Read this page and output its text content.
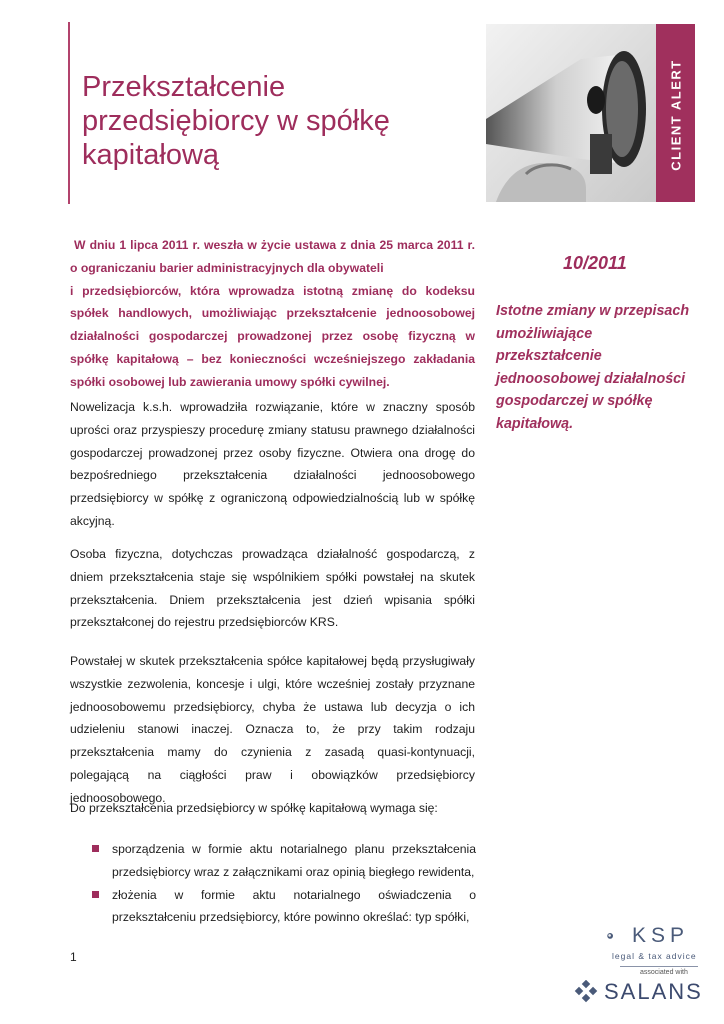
Przekształcenie przedsiębiorcy w spółkę kapitałową	CLIENT ALERT

W dniu 1 lipca 2011 r. weszła w życie ustawa z dnia 25 marca 2011 r. o ograniczaniu barier administracyjnych dla obywateli

i przedsiębiorców, która wprowadza istotną zmianę do kodeksu spółek handlowych, umożliwiając przekształcenie jednoosobowej działalności gospodarczej prowadzonej przez osobę fizyczną w spółkę kapitałową – bez konieczności wcześniejszego zakładania spółki osobowej lub zawierania umowy spółki cywilnej.

10/2011

Istotne zmiany w przepisach umożliwiające przekształcenie jednoosobowej działalności gospodarczej w spółkę kapitałową.

Nowelizacja k.s.h. wprowadziła rozwiązanie, które w znaczny sposób uprości oraz przyspieszy procedurę zmiany statusu prawnego działalności gospodarczej prowadzonej przez osoby fizyczne. Otwiera ona drogę do bezpośredniego przekształcenia działalności jednoosobowego przedsiębiorcy w spółkę z ograniczoną odpowiedzialnością lub w spółkę akcyjną.

Osoba fizyczna, dotychczas prowadząca działalność gospodarczą, z dniem przekształcenia staje się wspólnikiem spółki powstałej na skutek przekształcenia. Dniem przekształcenia jest dzień wpisania spółki przekształconej do rejestru przedsiębiorców KRS.

Powstałej w skutek przekształcenia spółce kapitałowej będą przysługiwały wszystkie zezwolenia, koncesje i ulgi, które wcześniej zostały przyznane jednoosobowemu przedsiębiorcy, chyba że ustawa lub decyzja o ich udzieleniu stanowi inaczej. Oznacza to, że przy takim rodzaju przekształcenia mamy do czynienia z zasadą quasi-kontynuacji, polegającą na ciągłości praw i obowiązków przedsiębiorcy jednoosobowego.

Do przekształcenia przedsiębiorcy w spółkę kapitałową wymaga się:

sporządzenia w formie aktu notarialnego planu przekształcenia przedsiębiorcy wraz z załącznikami oraz opinią biegłego rewidenta,
złożenia w formie aktu notarialnego oświadczenia o przekształceniu przedsiębiorcy, które powinno określać: typ spółki,
1
KSP
legal & tax advice
associated with
SALANS
